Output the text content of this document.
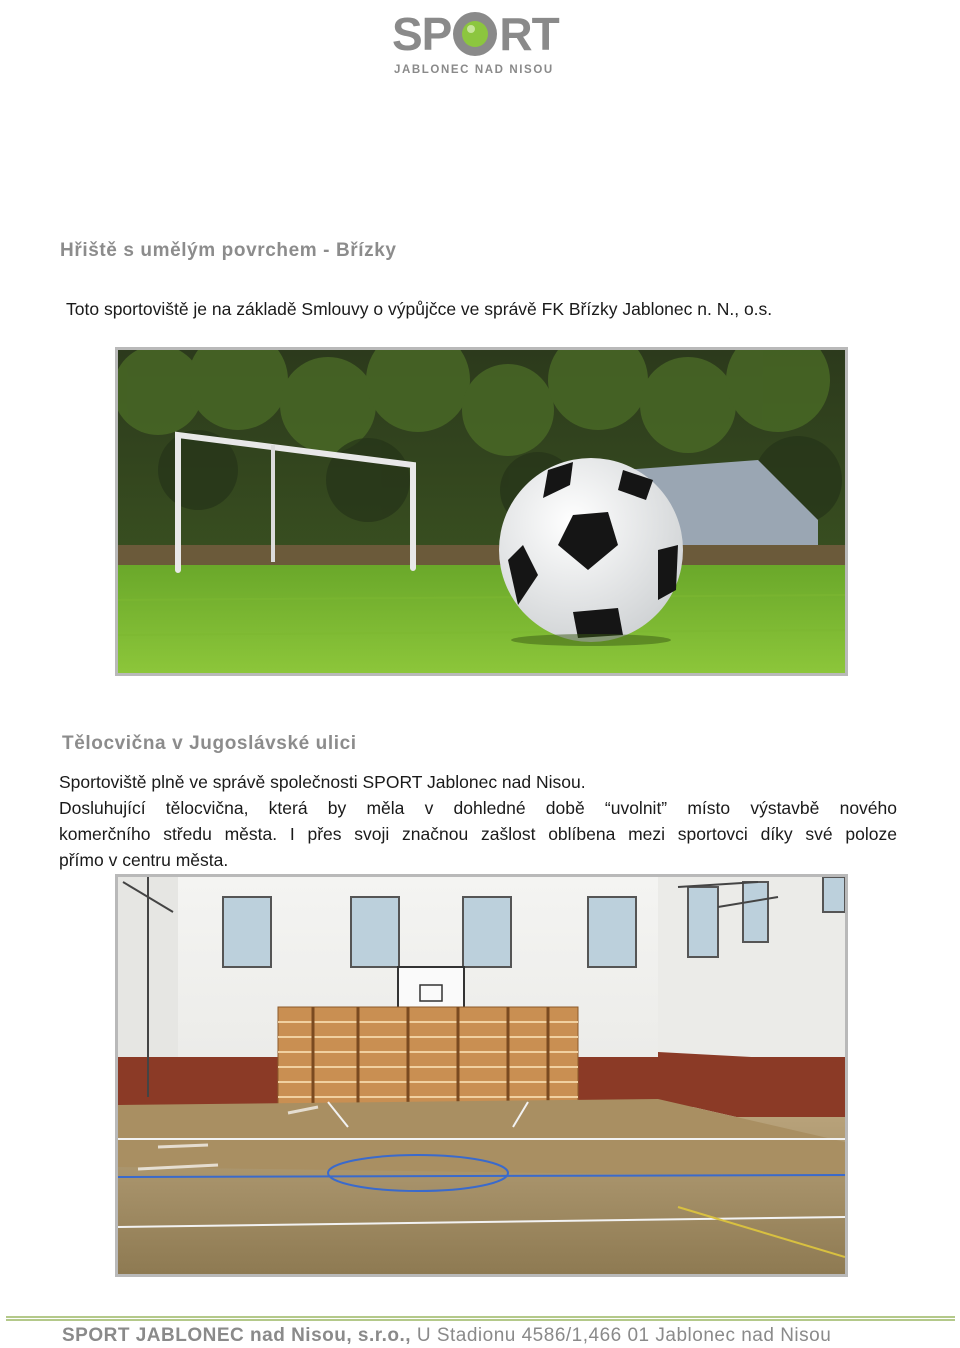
SP RT
JABLONEC NAD NISOU
Hřiště s umělým povrchem - Břízky
Toto sportoviště je na základě Smlouvy o výpůjčce ve správě FK Břízky Jablonec n. N., o.s.
Tělocvična v Jugoslávské ulici
Sportoviště plně ve správě společnosti SPORT Jablonec nad Nisou.
Dosluhující tělocvična, která by měla v dohledné době “uvolnit” místo výstavbě nového
komerčního středu města. I přes svoji značnou zašlost oblíbena mezi sportovci díky své poloze
přímo v centru města.
SPORT JABLONEC nad Nisou, s.r.o., U Stadionu 4586/1,466 01 Jablonec nad Nisou
